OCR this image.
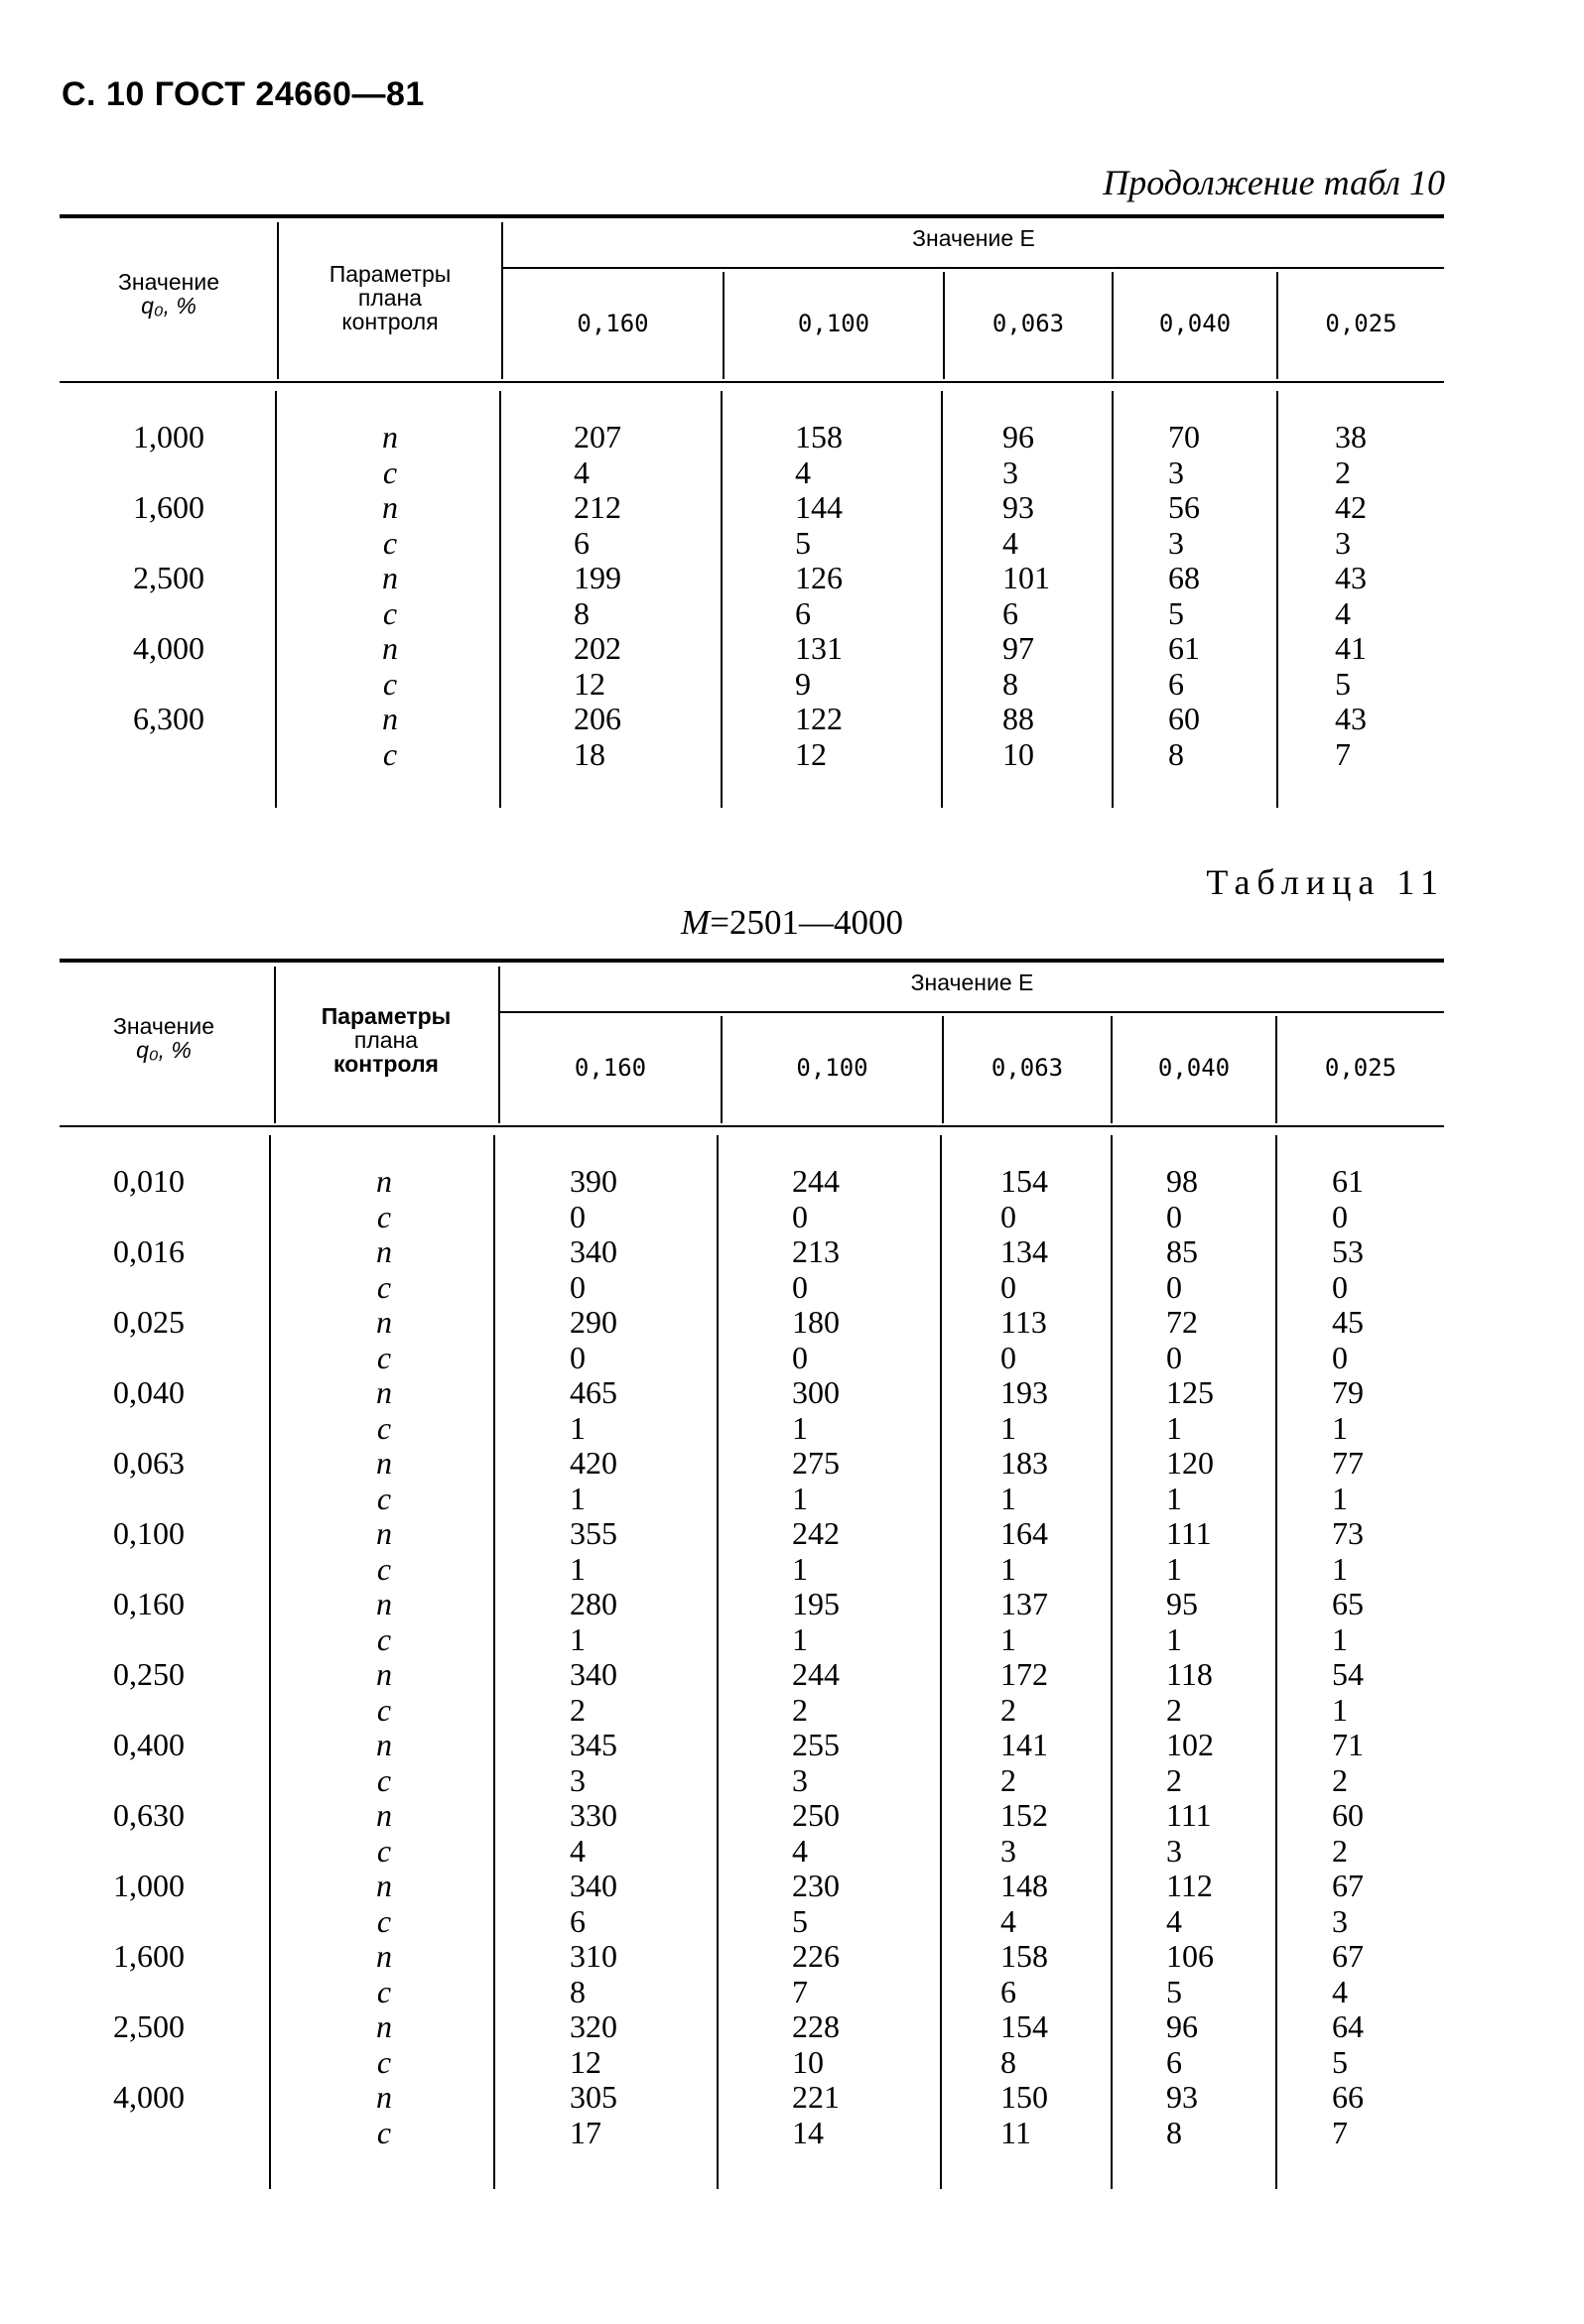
С. 10 ГОСТ 24660—81
Продолжение табл 10
Значение
q₀, %
Параметры
плана
контроля
Значение E
0,160	0,100	0,063	0,040	0,025
1,000	n	207	158	96	70	38
c	4	4	3	3	2
1,600	n	212	144	93	56	42
c	6	5	4	3	3
2,500	n	199	126	101	68	43
c	8	6	6	5	4
4,000	n	202	131	97	61	41
c	12	9	8	6	5
6,300	n	206	122	88	60	43
c	18	12	10	8	7
Таблица 11
M=2501—4000
Значение
q₀, %
Параметры
плана
контроля
Значение E
0,160	0,100	0,063	0,040	0,025
0,010	n	390	244	154	98	61
c	0	0	0	0	0
0,016	n	340	213	134	85	53
c	0	0	0	0	0
0,025	n	290	180	113	72	45
c	0	0	0	0	0
0,040	n	465	300	193	125	79
c	1	1	1	1	1
0,063	n	420	275	183	120	77
c	1	1	1	1	1
0,100	n	355	242	164	111	73
c	1	1	1	1	1
0,160	n	280	195	137	95	65
c	1	1	1	1	1
0,250	n	340	244	172	118	54
c	2	2	2	2	1
0,400	n	345	255	141	102	71
c	3	3	2	2	2
0,630	n	330	250	152	111	60
c	4	4	3	3	2
1,000	n	340	230	148	112	67
c	6	5	4	4	3
1,600	n	310	226	158	106	67
c	8	7	6	5	4
2,500	n	320	228	154	96	64
c	12	10	8	6	5
4,000	n	305	221	150	93	66
c	17	14	11	8	7
